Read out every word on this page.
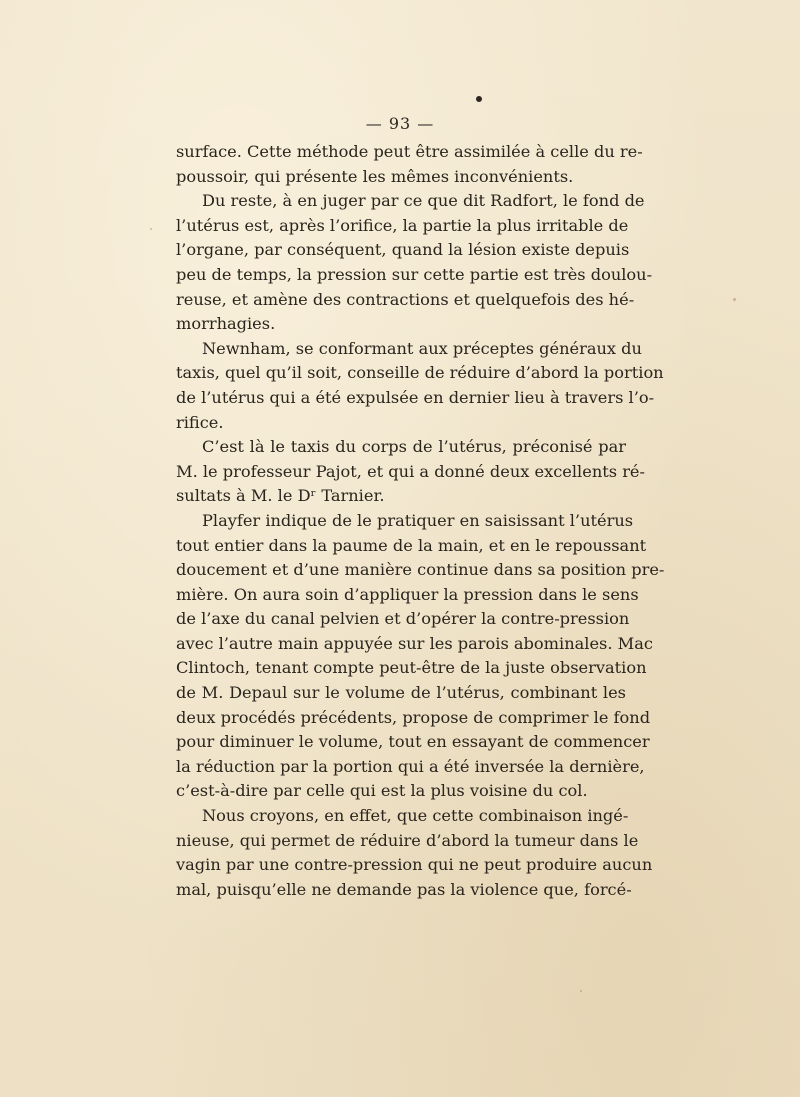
— 93 —
surface. Cette méthode peut être assimilée à celle du re-
poussoir, qui présente les mêmes inconvénients.
Du reste, à en juger par ce que dit Radfort, le fond de
l’utérus est, après l’orifice, la partie la plus irritable de
l’organe, par conséquent, quand la lésion existe depuis
peu de temps, la pression sur cette partie est très doulou-
reuse, et amène des contractions et quelquefois des hé-
morrhagies.
Newnham, se conformant aux préceptes généraux du
taxis, quel qu’il soit, conseille de réduire d’abord la portion
de l’utérus qui a été expulsée en dernier lieu à travers l’o-
rifice.
C’est là le taxis du corps de l’utérus, préconisé par
M. le professeur Pajot, et qui a donné deux excellents ré-
sultats à M. le Dʳ Tarnier.
Playfer indique de le pratiquer en saisissant l’utérus
tout entier dans la paume de la main, et en le repoussant
doucement et d’une manière continue dans sa position pre-
mière. On aura soin d’appliquer la pression dans le sens
de l’axe du canal pelvien et d’opérer la contre-pression
avec l’autre main appuyée sur les parois abominales. Mac
Clintoch, tenant compte peut-être de la juste observation
de M. Depaul sur le volume de l’utérus, combinant les
deux procédés précédents, propose de comprimer le fond
pour diminuer le volume, tout en essayant de commencer
la réduction par la portion qui a été inversée la dernière,
c’est-à-dire par celle qui est la plus voisine du col.
Nous croyons, en effet, que cette combinaison ingé-
nieuse, qui permet de réduire d’abord la tumeur dans le
vagin par une contre-pression qui ne peut produire aucun
mal, puisqu’elle ne demande pas la violence que, forcé-
